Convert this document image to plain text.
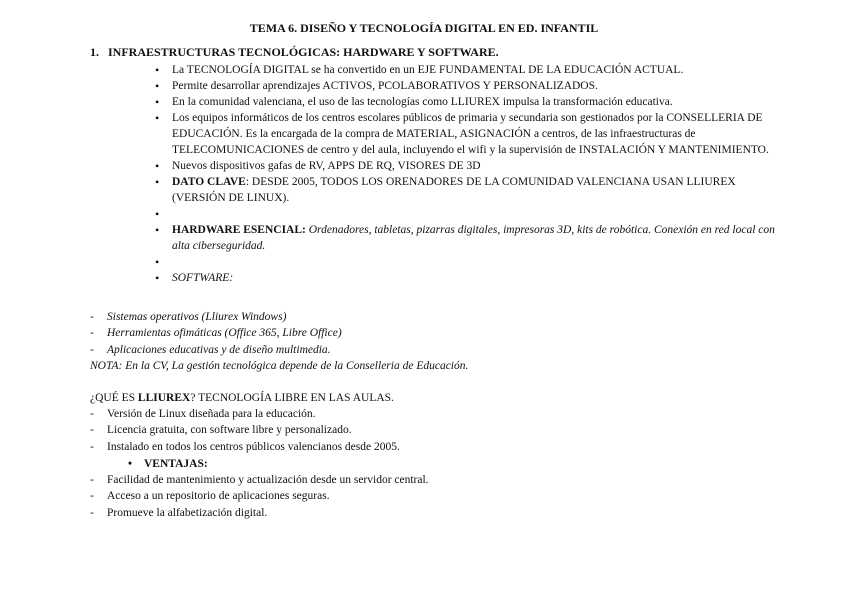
TEMA 6. DISEÑO Y TECNOLOGÍA DIGITAL EN ED. INFANTIL
1. INFRAESTRUCTURAS TECNOLÓGICAS: HARDWARE Y SOFTWARE.
• La TECNOLOGÍA DIGITAL se ha convertido en un EJE FUNDAMENTAL DE LA EDUCACIÓN ACTUAL.
• Permite desarrollar aprendizajes ACTIVOS, PCOLABORATIVOS Y PERSONALIZADOS.
• En la comunidad valenciana, el uso de las tecnologías como LLIUREX impulsa la transformación educativa.
• Los equipos informáticos de los centros escolares públicos de primaria y secundaria son gestionados por la CONSELLERIA DE EDUCACIÓN. Es la encargada de la compra de MATERIAL, ASIGNACIÓN a centros, de las infraestructuras de TELECOMUNICACIONES de centro y del aula, incluyendo el wifi y la supervisión de INSTALACIÓN Y MANTENIMIENTO.
• Nuevos dispositivos gafas de RV, APPS DE RQ, VISORES DE 3D
• DATO CLAVE: DESDE 2005, TODOS LOS ORENADORES DE LA COMUNIDAD VALENCIANA USAN LLIUREX (VERSIÓN DE LINUX).
•
• HARDWARE ESENCIAL: Ordenadores, tabletas, pizarras digitales, impresoras 3D, kits de robótica. Conexión en red local con alta ciberseguridad.
•
• SOFTWARE:
- Sistemas operativos (Lliurex Windows)
- Herramientas ofimáticas (Office 365, Libre Office)
- Aplicaciones educativas y de diseño multimedia.
NOTA: En la CV, La gestión tecnológica depende de la Conselleria de Educación.
¿QUÉ ES LLIUREX? TECNOLOGÍA LIBRE EN LAS AULAS.
- Versión de Linux diseñada para la educación.
- Licencia gratuita, con software libre y personalizado.
- Instalado en todos los centros públicos valencianos desde 2005.
• VENTAJAS:
- Facilidad de mantenimiento y actualización desde un servidor central.
- Acceso a un repositorio de aplicaciones seguras.
- Promueve la alfabetización digital.
